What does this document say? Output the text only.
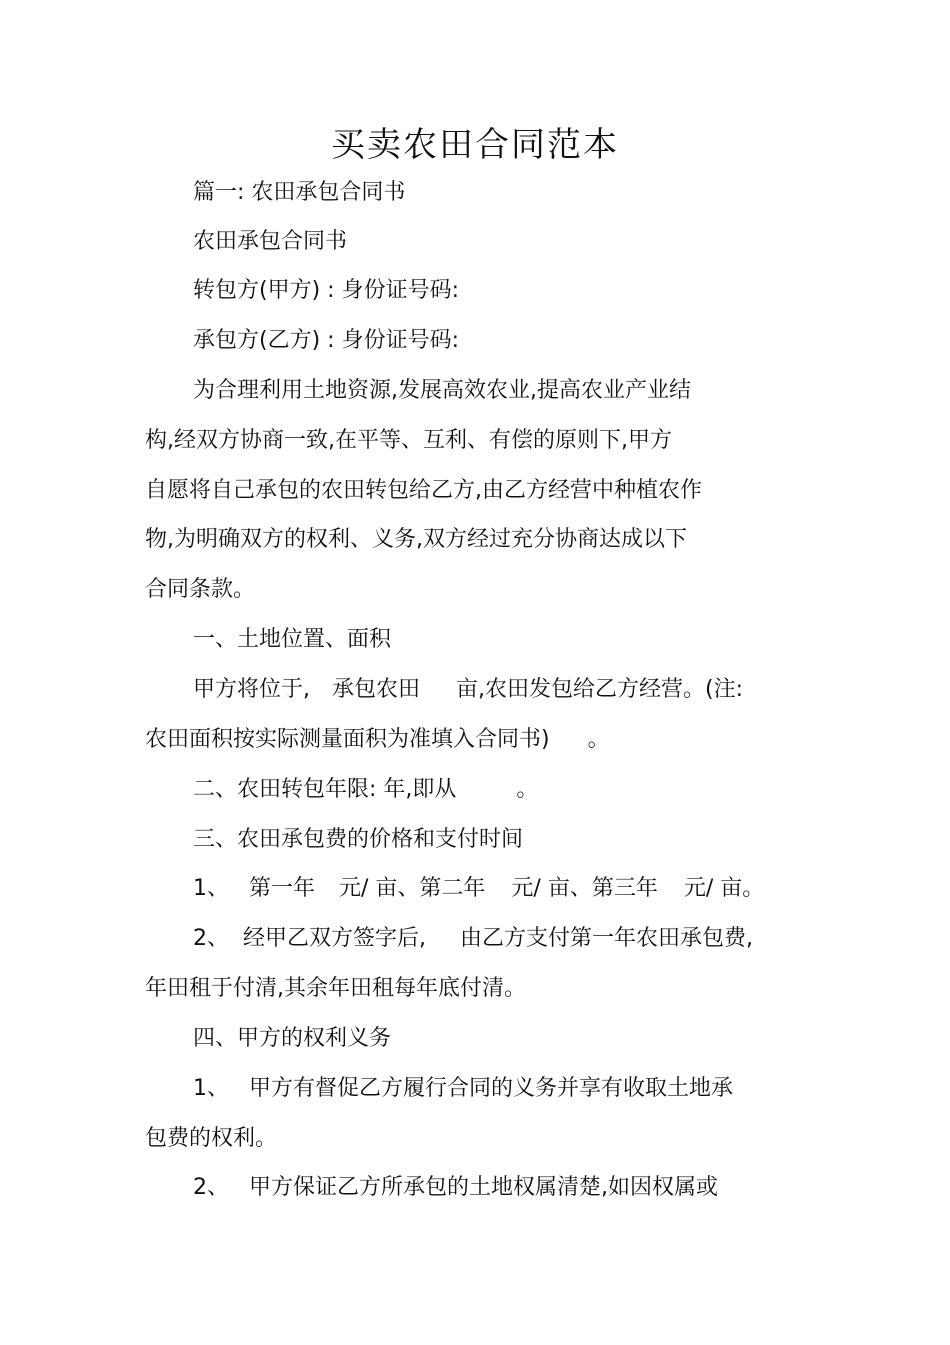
买卖农田合同范本
篇一: 农田承包合同书
农田承包合同书
转包方(甲方) : 身份证号码:
承包方(乙方) : 身份证号码:
为合理利用土地资源,发展高效农业,提高农业产业结
构,经双方协商一致,在平等、互利、有偿的原则下,甲方
自愿将自己承包的农田转包给乙方,由乙方经营中种植农作
物,为明确双方的权利、义务,双方经过充分协商达成以下
合同条款。
一、土地位置、面积
甲方将位于, 承包农田 亩,农田发包给乙方经营。(注:
农田面积按实际测量面积为准填入合同书) 。
二、农田转包年限: 年,即从	。
三、农田承包费的价格和支付时间
1、 第一年 元/ 亩、第二年 元/ 亩、第三年 元/ 亩。
2、 经甲乙双方签字后, 由乙方支付第一年农田承包费,
年田租于付清,其余年田租每年底付清。
四、甲方的权利义务
1、 甲方有督促乙方履行合同的义务并享有收取土地承
包费的权利。
2、 甲方保证乙方所承包的土地权属清楚,如因权属或
